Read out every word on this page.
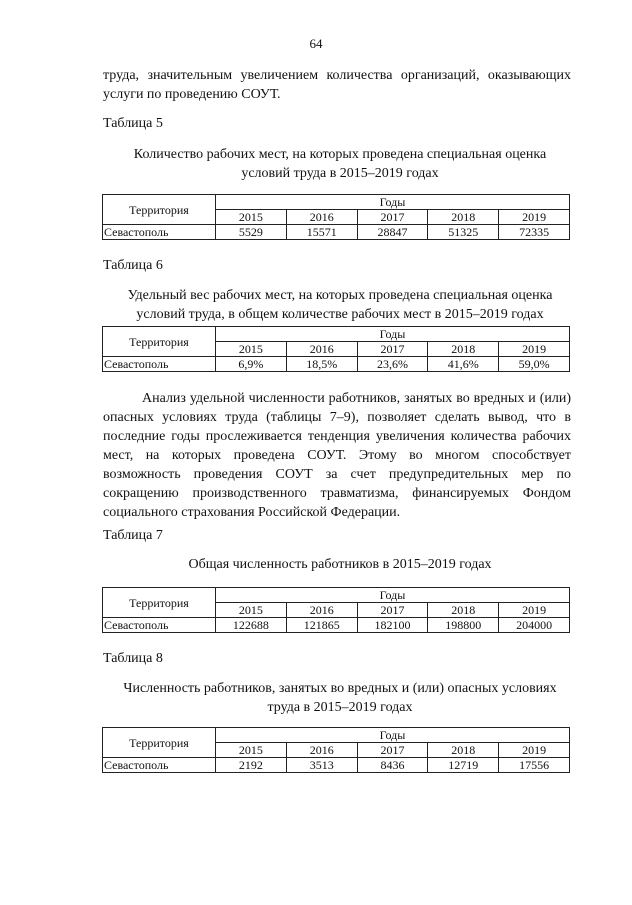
64
труда, значительным увеличением количества организаций, оказывающих услуги по проведению СОУТ.
Таблица 5
Количество рабочих мест, на которых проведена специальная оценка условий труда в 2015–2019 годах
Территория	Годы				
	2015	2016	2017	2018	2019
Севастополь	5529	15571	28847	51325	72335
Таблица 6
Удельный вес рабочих мест, на которых проведена специальная оценка условий труда, в общем количестве рабочих мест в 2015–2019 годах
Территория	Годы				
	2015	2016	2017	2018	2019
Севастополь	6,9%	18,5%	23,6%	41,6%	59,0%
Анализ удельной численности работников, занятых во вредных и (или) опасных условиях труда (таблицы 7–9), позволяет сделать вывод, что в последние годы прослеживается тенденция увеличения количества рабочих мест, на которых проведена СОУТ. Этому во многом способствует возможность проведения СОУТ за счет предупредительных мер по сокращению производственного травматизма, финансируемых Фондом социального страхования Российской Федерации.
Таблица 7
Общая численность работников в 2015–2019 годах
Территория	Годы				
	2015	2016	2017	2018	2019
Севастополь	122688	121865	182100	198800	204000
Таблица 8
Численность работников, занятых во вредных и (или) опасных условиях труда в 2015–2019 годах
Территория	Годы				
	2015	2016	2017	2018	2019
Севастополь	2192	3513	8436	12719	17556
